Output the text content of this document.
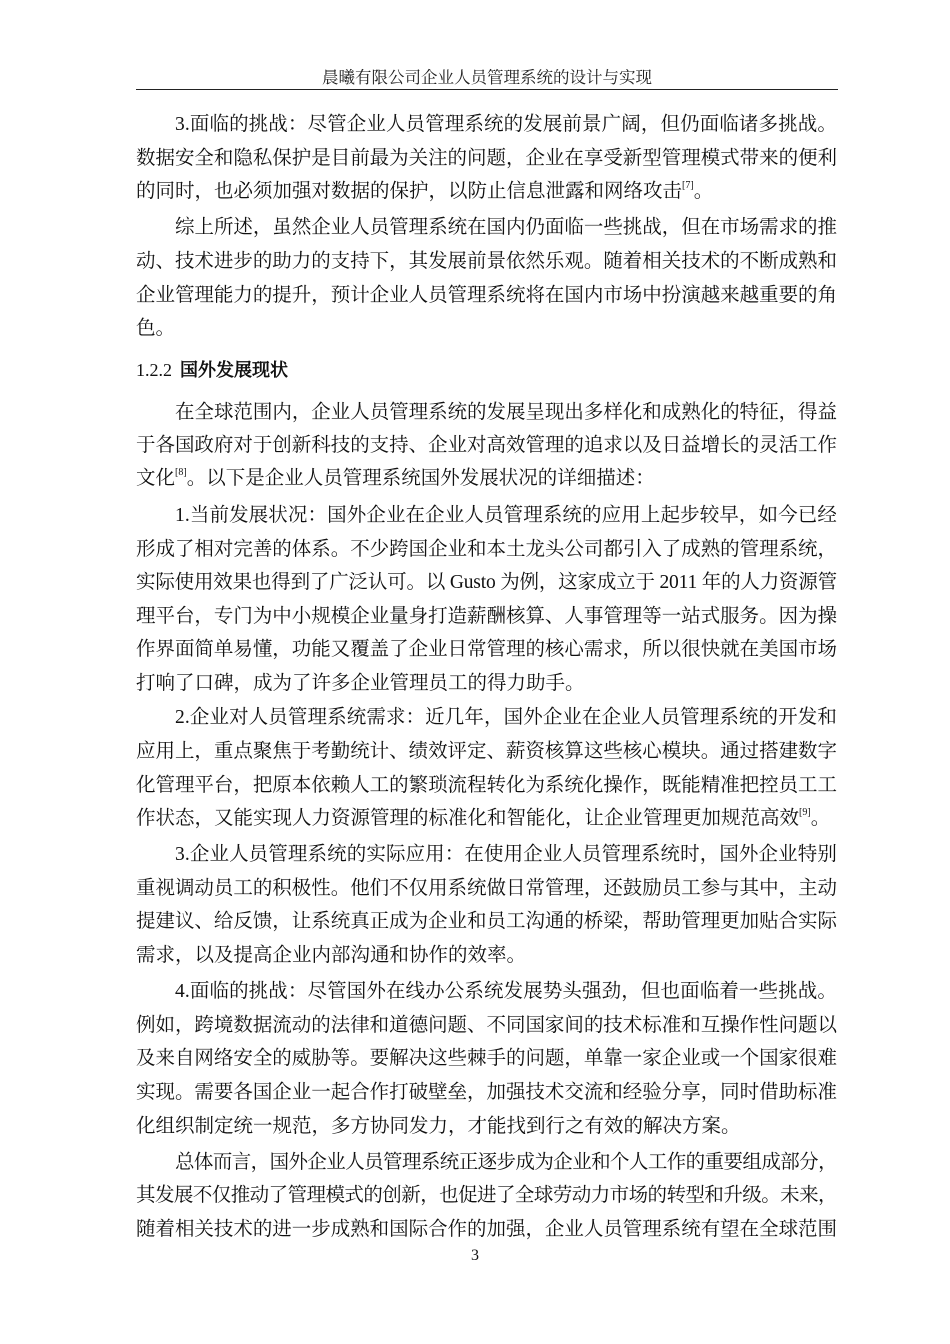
晨曦有限公司企业人员管理系统的设计与实现
1.2.2 国外发展现状
3.面临的挑战：尽管企业人员管理系统的发展前景广阔，但仍面临诸多挑战。
数据安全和隐私保护是目前最为关注的问题，企业在享受新型管理模式带来的便利
的同时，也必须加强对数据的保护，以防止信息泄露和网络攻击[7]。
综上所述，虽然企业人员管理系统在国内仍面临一些挑战，但在市场需求的推
动、技术进步的助力的支持下，其发展前景依然乐观。随着相关技术的不断成熟和
企业管理能力的提升，预计企业人员管理系统将在国内市场中扮演越来越重要的角
色。
在全球范围内，企业人员管理系统的发展呈现出多样化和成熟化的特征，得益
于各国政府对于创新科技的支持、企业对高效管理的追求以及日益增长的灵活工作
文化[8]。以下是企业人员管理系统国外发展状况的详细描述：
1.当前发展状况：国外企业在企业人员管理系统的应用上起步较早，如今已经
形成了相对完善的体系。不少跨国企业和本土龙头公司都引入了成熟的管理系统，
实际使用效果也得到了广泛认可。以 Gusto 为例，这家成立于 2011 年的人力资源管
理平台，专门为中小规模企业量身打造薪酬核算、人事管理等一站式服务。因为操
作界面简单易懂，功能又覆盖了企业日常管理的核心需求，所以很快就在美国市场
打响了口碑，成为了许多企业管理员工的得力助手。
2.企业对人员管理系统需求：近几年，国外企业在企业人员管理系统的开发和
应用上，重点聚焦于考勤统计、绩效评定、薪资核算这些核心模块。通过搭建数字
化管理平台，把原本依赖人工的繁琐流程转化为系统化操作，既能精准把控员工工
作状态，又能实现人力资源管理的标准化和智能化，让企业管理更加规范高效[9]。
3.企业人员管理系统的实际应用：在使用企业人员管理系统时，国外企业特别
重视调动员工的积极性。他们不仅用系统做日常管理，还鼓励员工参与其中，主动
提建议、给反馈，让系统真正成为企业和员工沟通的桥梁，帮助管理更加贴合实际
需求，以及提高企业内部沟通和协作的效率。
4.面临的挑战：尽管国外在线办公系统发展势头强劲，但也面临着一些挑战。
例如，跨境数据流动的法律和道德问题、不同国家间的技术标准和互操作性问题以
及来自网络安全的威胁等。要解决这些棘手的问题，单靠一家企业或一个国家很难
实现。需要各国企业一起合作打破壁垒，加强技术交流和经验分享，同时借助标准
化组织制定统一规范，多方协同发力，才能找到行之有效的解决方案。
总体而言，国外企业人员管理系统正逐步成为企业和个人工作的重要组成部分，
其发展不仅推动了管理模式的创新，也促进了全球劳动力市场的转型和升级。未来，
随着相关技术的进一步成熟和国际合作的加强，企业人员管理系统有望在全球范围
3
